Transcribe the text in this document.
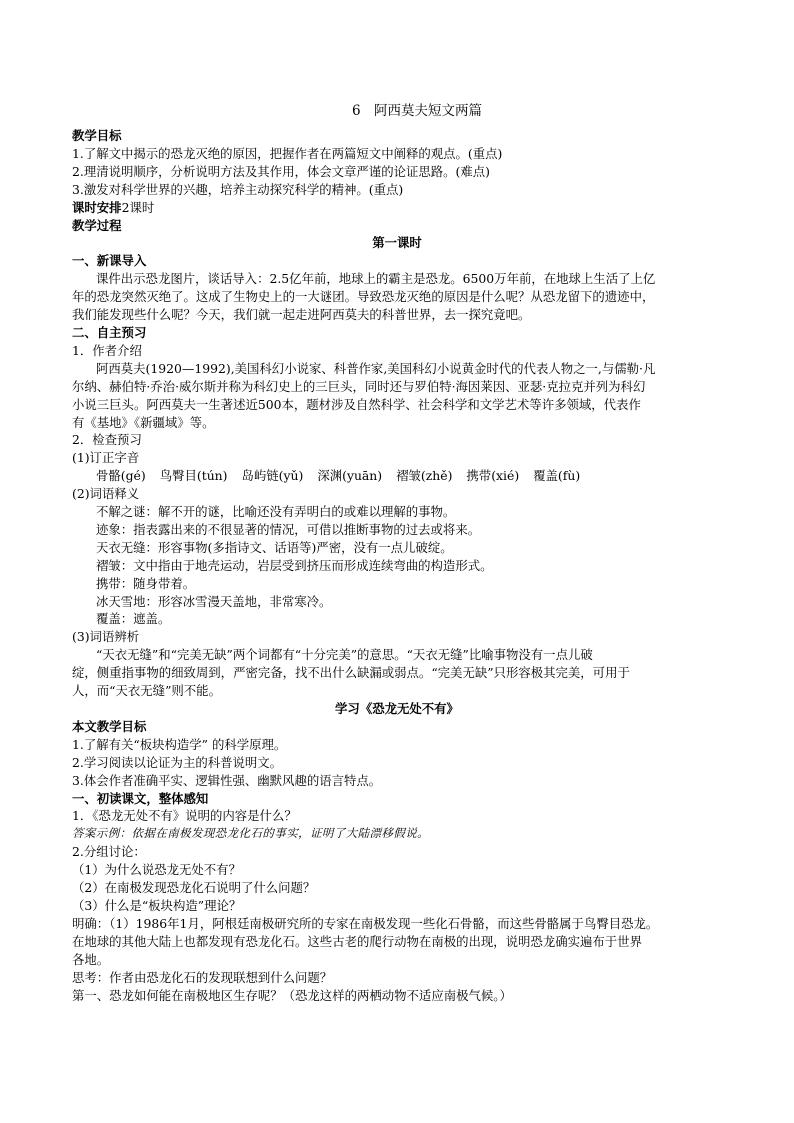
6　阿西莫夫短文两篇
教学目标
1.了解文中揭示的恐龙灭绝的原因，把握作者在两篇短文中阐释的观点。(重点)
2.理清说明顺序，分析说明方法及其作用，体会文章严谨的论证思路。(难点)
3.激发对科学世界的兴趣，培养主动探究科学的精神。(重点)
课时安排2课时
教学过程
第一课时
一、新课导入
课件出示恐龙图片，谈话导入：2.5亿年前，地球上的霸主是恐龙。6500万年前，在地球上生活了上亿
年的恐龙突然灭绝了。这成了生物史上的一大谜团。导致恐龙灭绝的原因是什么呢？从恐龙留下的遗迹中，
我们能发现些什么呢？今天，我们就一起走进阿西莫夫的科普世界，去一探究竟吧。
二、自主预习
1．作者介绍
阿西莫夫(1920—1992),美国科幻小说家、科普作家,美国科幻小说黄金时代的代表人物之一,与儒勒·凡
尔纳、赫伯特·乔治·威尔斯并称为科幻史上的三巨头，同时还与罗伯特·海因莱因、亚瑟·克拉克并列为科幻
小说三巨头。阿西莫夫一生著述近500本，题材涉及自然科学、社会科学和文学艺术等许多领域，代表作
有《基地》《新疆域》等。
2．检查预习
(1)订正字音
骨骼(gé) 鸟臀目(tún) 岛屿链(yǔ) 深渊(yuān) 褶皱(zhě) 携带(xié) 覆盖(fù)
(2)词语释义
不解之谜：解不开的谜，比喻还没有弄明白的或难以理解的事物。
迹象：指表露出来的不很显著的情况，可借以推断事物的过去或将来。
天衣无缝：形容事物(多指诗文、话语等)严密，没有一点儿破绽。
褶皱：文中指由于地壳运动，岩层受到挤压而形成连续弯曲的构造形式。
携带：随身带着。
冰天雪地：形容冰雪漫天盖地，非常寒冷。
覆盖：遮盖。
(3)词语辨析
“天衣无缝”和“完美无缺”两个词都有“十分完美”的意思。“天衣无缝”比喻事物没有一点儿破
绽，侧重指事物的细致周到，严密完备，找不出什么缺漏或弱点。“完美无缺”只形容极其完美，可用于
人，而“天衣无缝”则不能。
学习《恐龙无处不有》
本文教学目标
1.了解有关“板块构造学” 的科学原理。
2.学习阅读以论证为主的科普说明文。
3.体会作者准确平实、逻辑性强、幽默风趣的语言特点。
一、初读课文，整体感知
1．《恐龙无处不有》说明的内容是什么？
答案示例：依据在南极发现恐龙化石的事实，证明了大陆漂移假说。
2.分组讨论：
（1）为什么说恐龙无处不有？
（2）在南极发现恐龙化石说明了什么问题？
（3）什么是“板块构造”理论？
明确：（1）1986年1月，阿根廷南极研究所的专家在南极发现一些化石骨骼，而这些骨骼属于鸟臀目恐龙。
在地球的其他大陆上也都发现有恐龙化石。这些古老的爬行动物在南极的出现，说明恐龙确实遍布于世界
各地。
思考：作者由恐龙化石的发现联想到什么问题？
第一、恐龙如何能在南极地区生存呢？（恐龙这样的两栖动物不适应南极气候。）
